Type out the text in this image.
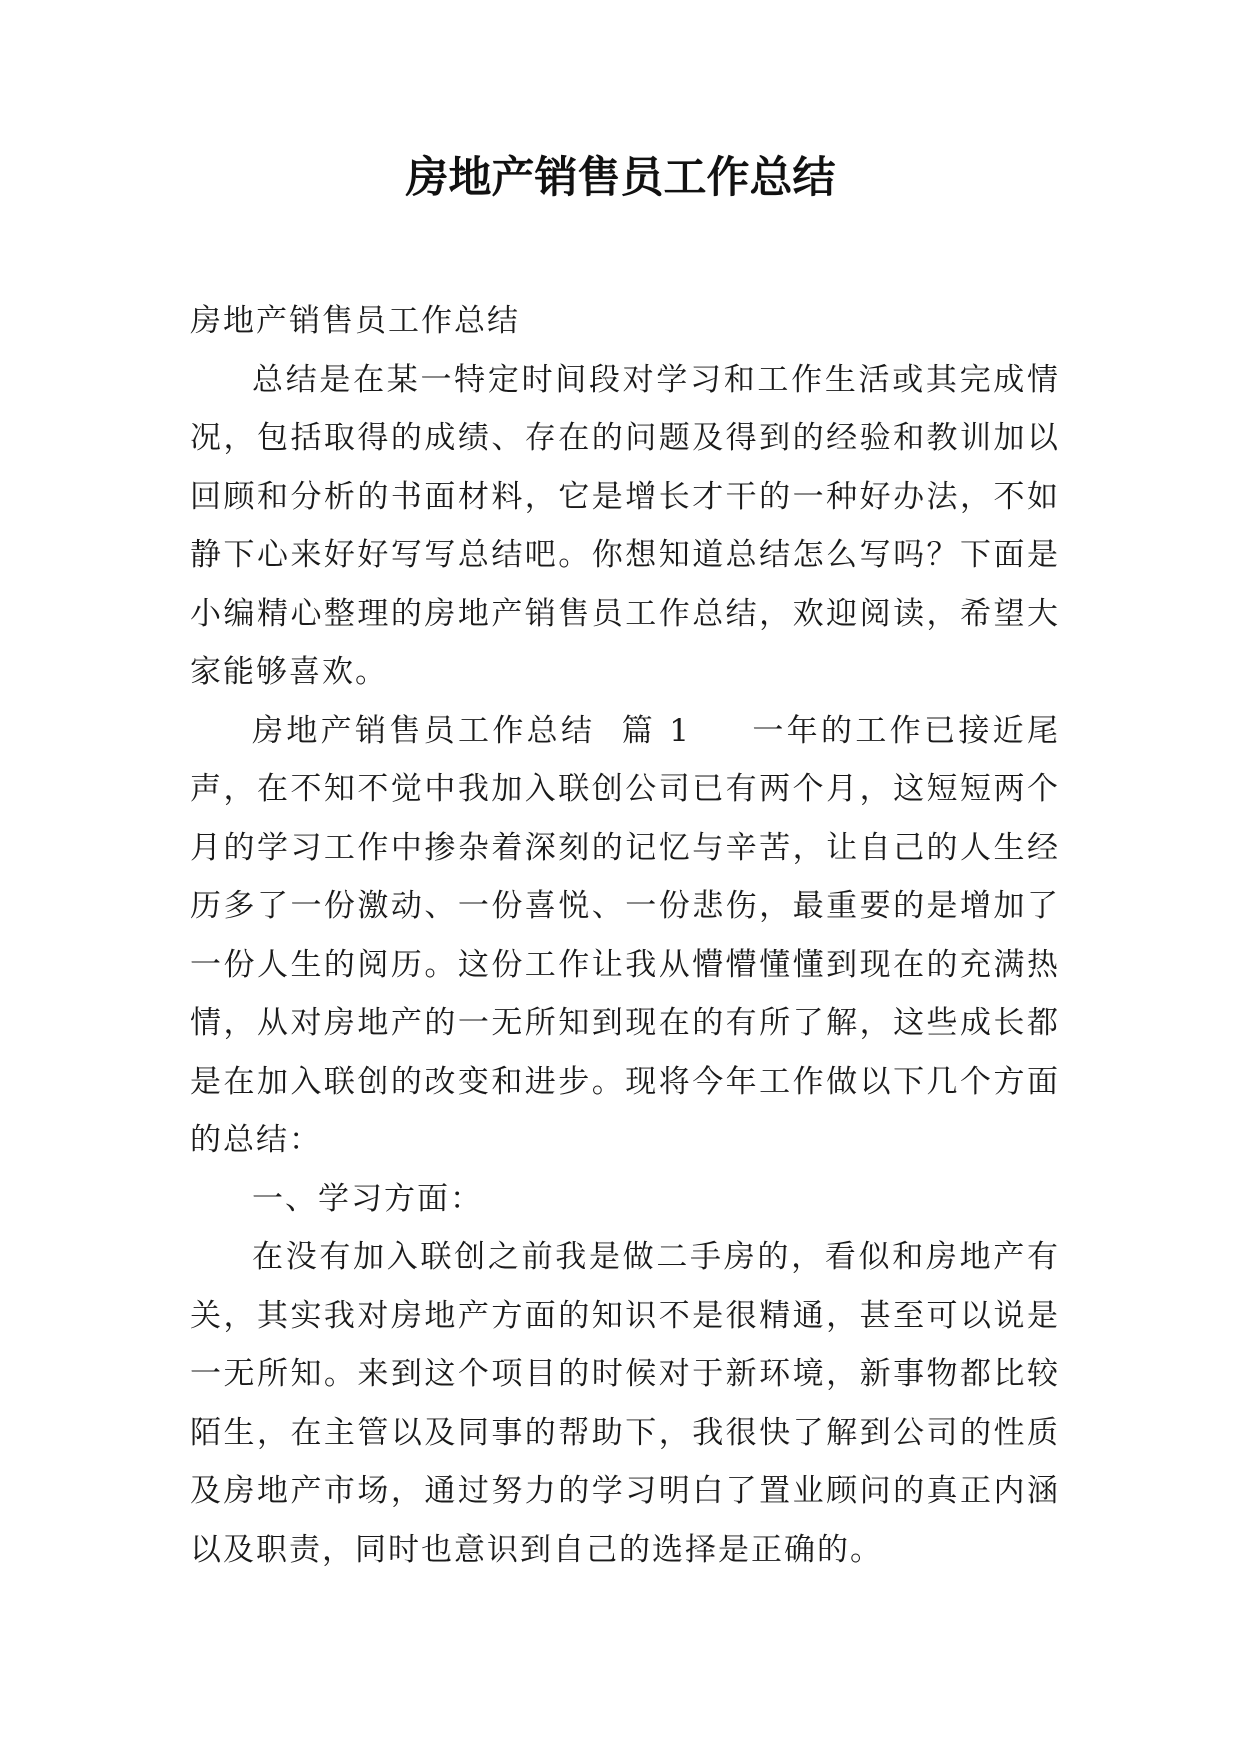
房地产销售员工作总结

房地产销售员工作总结

总结是在某一特定时间段对学习和工作生活或其完成情况，包括取得的成绩、存在的问题及得到的经验和教训加以回顾和分析的书面材料，它是增长才干的一种好办法，不如静下心来好好写写总结吧。你想知道总结怎么写吗？下面是小编精心整理的房地产销售员工作总结，欢迎阅读，希望大家能够喜欢。

房地产销售员工作总结  篇 1 一年的工作已接近尾声，在不知不觉中我加入联创公司已有两个月，这短短两个月的学习工作中掺杂着深刻的记忆与辛苦，让自己的人生经历多了一份激动、一份喜悦、一份悲伤，最重要的是增加了一份人生的阅历。这份工作让我从懵懵懂懂到现在的充满热情，从对房地产的一无所知到现在的有所了解，这些成长都是在加入联创的改变和进步。现将今年工作做以下几个方面的总结：

一、学习方面：

在没有加入联创之前我是做二手房的，看似和房地产有关，其实我对房地产方面的知识不是很精通，甚至可以说是一无所知。来到这个项目的时候对于新环境，新事物都比较陌生，在主管以及同事的帮助下，我很快了解到公司的性质及房地产市场，通过努力的学习明白了置业顾问的真正内涵以及职责，同时也意识到自己的选择是正确的。
